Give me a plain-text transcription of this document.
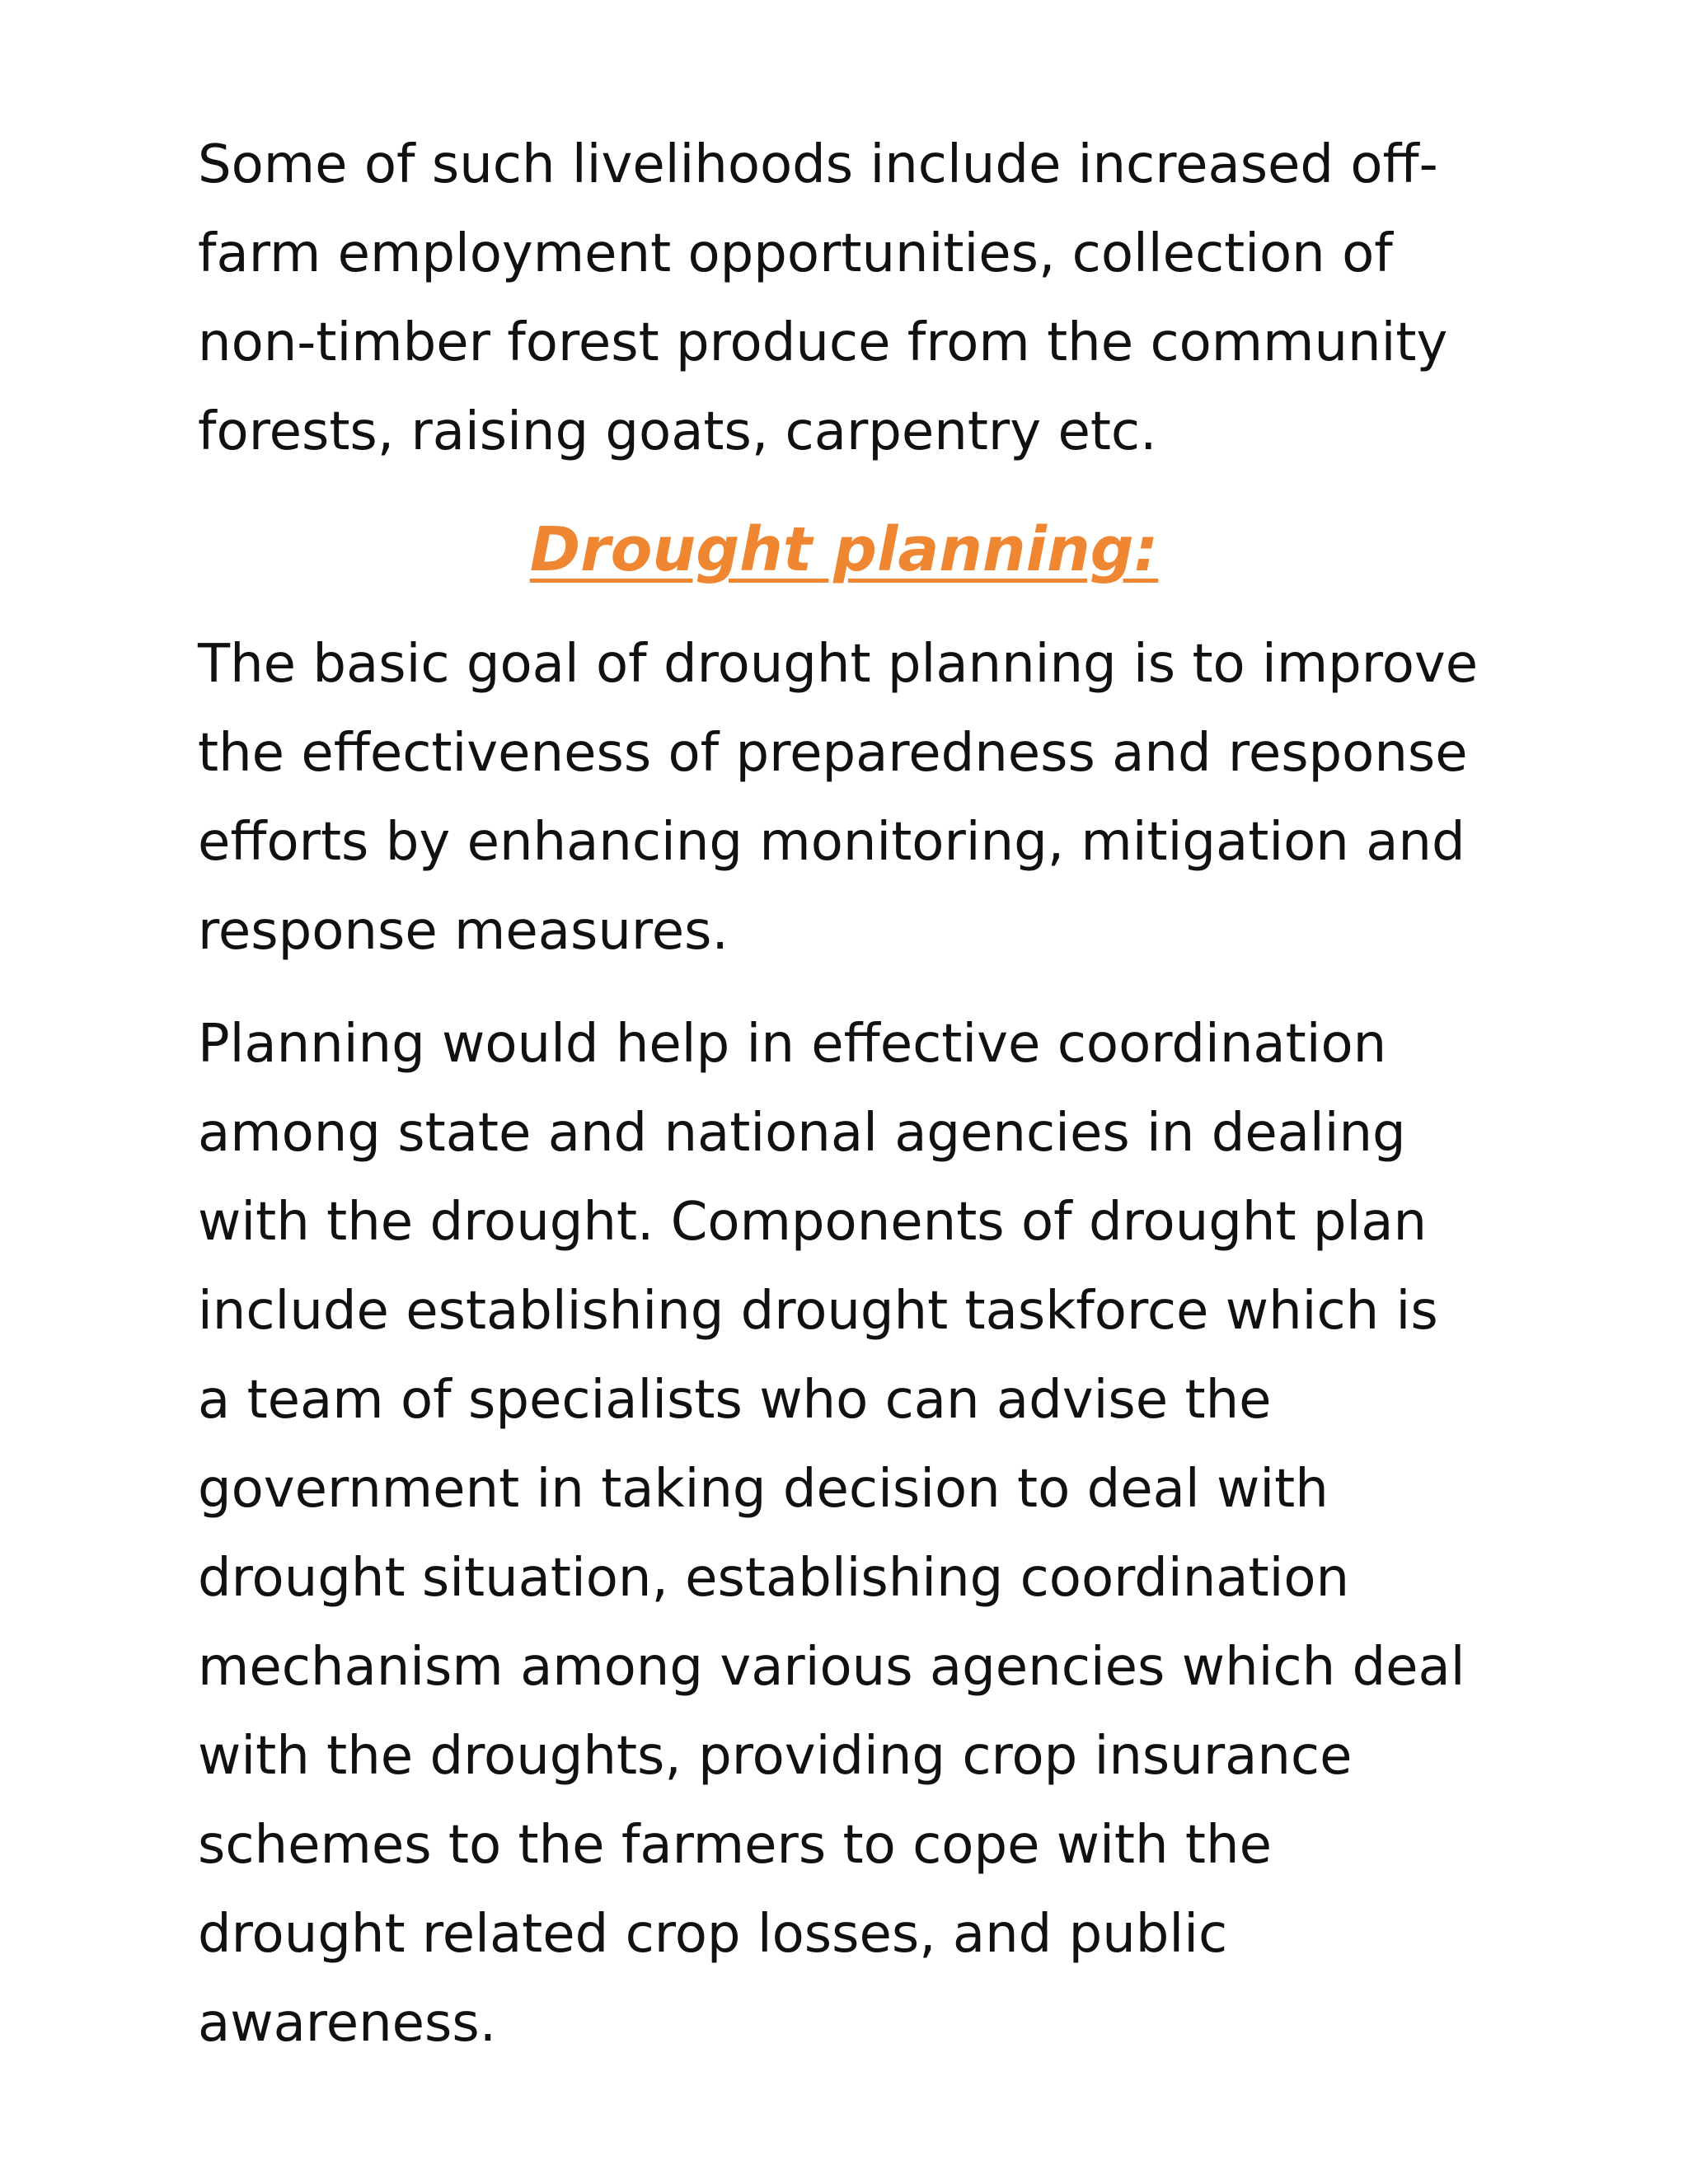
Some of such livelihoods include increased off-
farm employment opportunities, collection of
non-timber forest produce from the community
forests, raising goats, carpentry etc.

Drought planning:

The basic goal of drought planning is to improve
the effectiveness of preparedness and response
efforts by enhancing monitoring, mitigation and
response measures.

Planning would help in effective coordination
among state and national agencies in dealing
with the drought. Components of drought plan
include establishing drought taskforce which is
a team of specialists who can advise the
government in taking decision to deal with
drought situation, establishing coordination
mechanism among various agencies which deal
with the droughts, providing crop insurance
schemes to the farmers to cope with the
drought related crop losses, and public
awareness.
